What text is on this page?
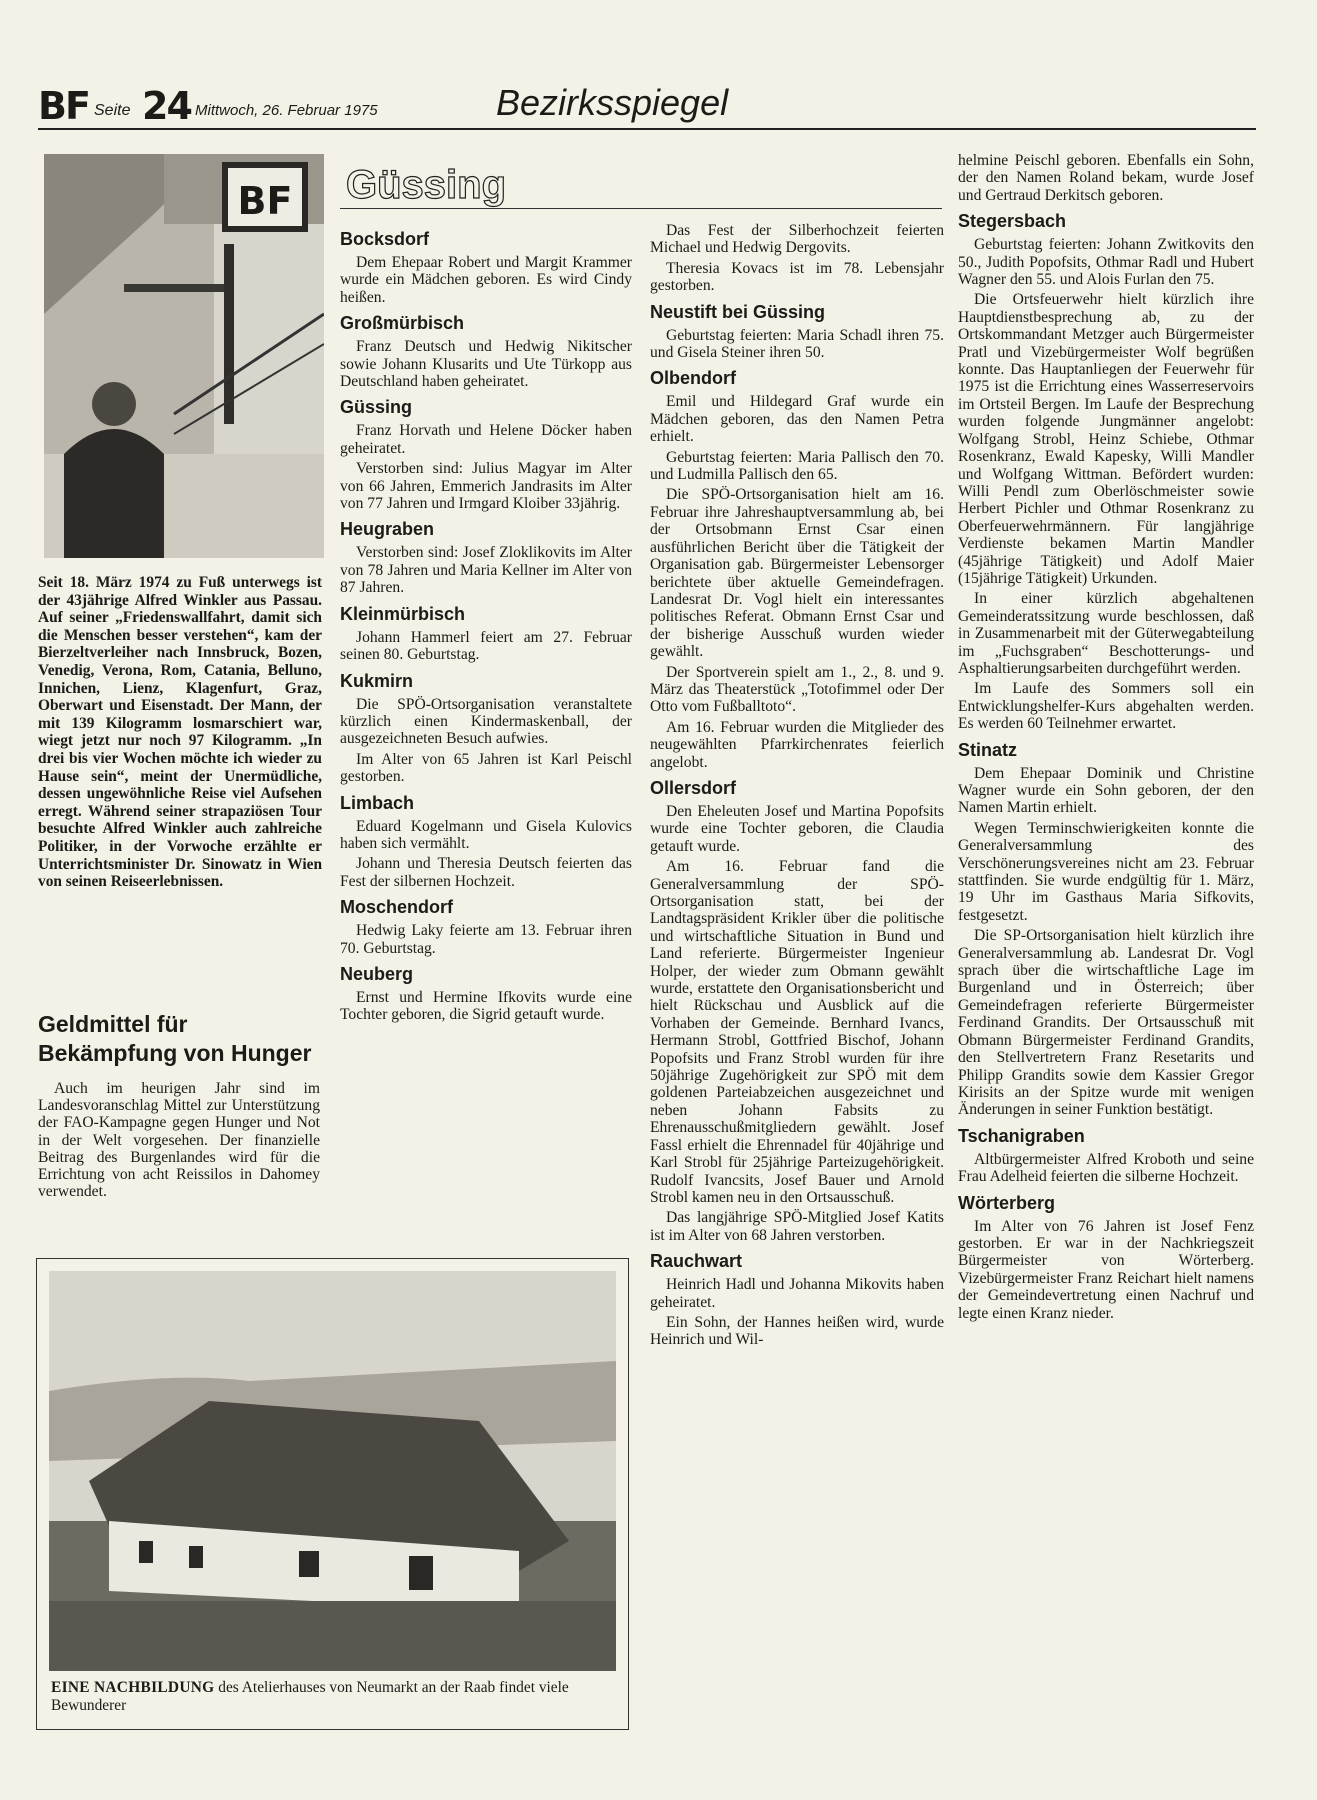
BF Seite 24 Mittwoch, 26. Februar 1975	Bezirksspiegel
BF
Seit 18. März 1974 zu Fuß unterwegs ist der 43jährige Alfred Winkler aus Passau. Auf seiner „Friedenswallfahrt, damit sich die Menschen besser verstehen“, kam der Bierzeltverleiher nach Innsbruck, Bozen, Venedig, Verona, Rom, Catania, Belluno, Innichen, Lienz, Klagenfurt, Graz, Oberwart und Eisenstadt. Der Mann, der mit 139 Kilogramm losmarschiert war, wiegt jetzt nur noch 97 Kilogramm. „In drei bis vier Wochen möchte ich wieder zu Hause sein“, meint der Unermüdliche, dessen ungewöhnliche Reise viel Aufsehen erregt. Während seiner strapaziösen Tour besuchte Alfred Winkler auch zahlreiche Politiker, in der Vorwoche erzählte er Unterrichtsminister Dr. Sinowatz in Wien von seinen Reiseerlebnissen.
Geldmittel für Bekämpfung von Hunger
Auch im heurigen Jahr sind im Landesvoranschlag Mittel zur Unterstützung der FAO-Kampagne gegen Hunger und Not in der Welt vorgesehen. Der finanzielle Beitrag des Burgenlandes wird für die Errichtung von acht Reissilos in Dahomey verwendet.
Güssing
Bocksdorf

Dem Ehepaar Robert und Margit Krammer wurde ein Mädchen geboren. Es wird Cindy heißen.

Großmürbisch

Franz Deutsch und Hedwig Nikitscher sowie Johann Klusarits und Ute Türkopp aus Deutschland haben geheiratet.

Güssing

Franz Horvath und Helene Döcker haben geheiratet.

Verstorben sind: Julius Magyar im Alter von 66 Jahren, Emmerich Jandrasits im Alter von 77 Jahren und Irmgard Kloiber 33jährig.

Heugraben

Verstorben sind: Josef Zloklikovits im Alter von 78 Jahren und Maria Kellner im Alter von 87 Jahren.

Kleinmürbisch

Johann Hammerl feiert am 27. Februar seinen 80. Geburtstag.

Kukmirn

Die SPÖ-Ortsorganisation veranstaltete kürzlich einen Kindermaskenball, der ausgezeichneten Besuch aufwies.

Im Alter von 65 Jahren ist Karl Peischl gestorben.

Limbach

Eduard Kogelmann und Gisela Kulovics haben sich vermählt.

Johann und Theresia Deutsch feierten das Fest der silbernen Hochzeit.

Moschendorf

Hedwig Laky feierte am 13. Februar ihren 70. Geburtstag.

Neuberg

Ernst und Hermine Ifkovits wurde eine Tochter geboren, die Sigrid getauft wurde.

Das Fest der Silberhochzeit feierten Michael und Hedwig Dergovits.

Theresia Kovacs ist im 78. Lebensjahr gestorben.

Neustift bei Güssing

Geburtstag feierten: Maria Schadl ihren 75. und Gisela Steiner ihren 50.

Olbendorf

Emil und Hildegard Graf wurde ein Mädchen geboren, das den Namen Petra erhielt.

Geburtstag feierten: Maria Pallisch den 70. und Ludmilla Pallisch den 65.

Die SPÖ-Ortsorganisation hielt am 16. Februar ihre Jahreshauptversammlung ab, bei der Ortsobmann Ernst Csar einen ausführlichen Bericht über die Tätigkeit der Organisation gab. Bürgermeister Lebensorger berichtete über aktuelle Gemeindefragen. Landesrat Dr. Vogl hielt ein interessantes politisches Referat. Obmann Ernst Csar und der bisherige Ausschuß wurden wieder gewählt.

Der Sportverein spielt am 1., 2., 8. und 9. März das Theaterstück „Totofimmel oder Der Otto vom Fußballtoto“.

Am 16. Februar wurden die Mitglieder des neugewählten Pfarrkirchenrates feierlich angelobt.

Ollersdorf

Den Eheleuten Josef und Martina Popofsits wurde eine Tochter geboren, die Claudia getauft wurde.

Am 16. Februar fand die Generalversammlung der SPÖ-Ortsorganisation statt, bei der Landtagspräsident Krikler über die politische und wirtschaftliche Situation in Bund und Land referierte. Bürgermeister Ingenieur Holper, der wieder zum Obmann gewählt wurde, erstattete den Organisationsbericht und hielt Rückschau und Ausblick auf die Vorhaben der Gemeinde. Bernhard Ivancs, Hermann Strobl, Gottfried Bischof, Johann Popofsits und Franz Strobl wurden für ihre 50jährige Zugehörigkeit zur SPÖ mit dem goldenen Parteiabzeichen ausgezeichnet und neben Johann Fabsits zu Ehrenausschußmitgliedern gewählt. Josef Fassl erhielt die Ehrennadel für 40jährige und Karl Strobl für 25jährige Parteizugehörigkeit. Rudolf Ivancsits, Josef Bauer und Arnold Strobl kamen neu in den Ortsausschuß.

Das langjährige SPÖ-Mitglied Josef Katits ist im Alter von 68 Jahren verstorben.

Rauchwart

Heinrich Hadl und Johanna Mikovits haben geheiratet.

Ein Sohn, der Hannes heißen wird, wurde Heinrich und Wil-

helmine Peischl geboren. Ebenfalls ein Sohn, der den Namen Roland bekam, wurde Josef und Gertraud Derkitsch geboren.

Stegersbach

Geburtstag feierten: Johann Zwitkovits den 50., Judith Popofsits, Othmar Radl und Hubert Wagner den 55. und Alois Furlan den 75.

Die Ortsfeuerwehr hielt kürzlich ihre Hauptdienstbesprechung ab, zu der Ortskommandant Metzger auch Bürgermeister Pratl und Vizebürgermeister Wolf begrüßen konnte. Das Hauptanliegen der Feuerwehr für 1975 ist die Errichtung eines Wasserreservoirs im Ortsteil Bergen. Im Laufe der Besprechung wurden folgende Jungmänner angelobt: Wolfgang Strobl, Heinz Schiebe, Othmar Rosenkranz, Ewald Kapesky, Willi Mandler und Wolfgang Wittman. Befördert wurden: Willi Pendl zum Oberlöschmeister sowie Herbert Pichler und Othmar Rosenkranz zu Oberfeuerwehrmännern. Für langjährige Verdienste bekamen Martin Mandler (45jährige Tätigkeit) und Adolf Maier (15jährige Tätigkeit) Urkunden.

In einer kürzlich abgehaltenen Gemeinderatssitzung wurde beschlossen, daß in Zusammenarbeit mit der Güterwegabteilung im „Fuchsgraben“ Beschotterungs- und Asphaltierungsarbeiten durchgeführt werden.

Im Laufe des Sommers soll ein Entwicklungshelfer-Kurs abgehalten werden. Es werden 60 Teilnehmer erwartet.

Stinatz

Dem Ehepaar Dominik und Christine Wagner wurde ein Sohn geboren, der den Namen Martin erhielt.

Wegen Terminschwierigkeiten konnte die Generalversammlung des Verschönerungsvereines nicht am 23. Februar stattfinden. Sie wurde endgültig für 1. März, 19 Uhr im Gasthaus Maria Sifkovits, festgesetzt.

Die SP-Ortsorganisation hielt kürzlich ihre Generalversammlung ab. Landesrat Dr. Vogl sprach über die wirtschaftliche Lage im Burgenland und in Österreich; über Gemeindefragen referierte Bürgermeister Ferdinand Grandits. Der Ortsausschuß mit Obmann Bürgermeister Ferdinand Grandits, den Stellvertretern Franz Resetarits und Philipp Grandits sowie dem Kassier Gregor Kirisits an der Spitze wurde mit wenigen Änderungen in seiner Funktion bestätigt.

Tschanigraben

Altbürgermeister Alfred Kroboth und seine Frau Adelheid feierten die silberne Hochzeit.

Wörterberg

Im Alter von 76 Jahren ist Josef Fenz gestorben. Er war in der Nachkriegszeit Bürgermeister von Wörterberg. Vizebürgermeister Franz Reichart hielt namens der Gemeindevertretung einen Nachruf und legte einen Kranz nieder.

EINE NACHBILDUNG des Atelierhauses von Neumarkt an der Raab findet viele Bewunderer
